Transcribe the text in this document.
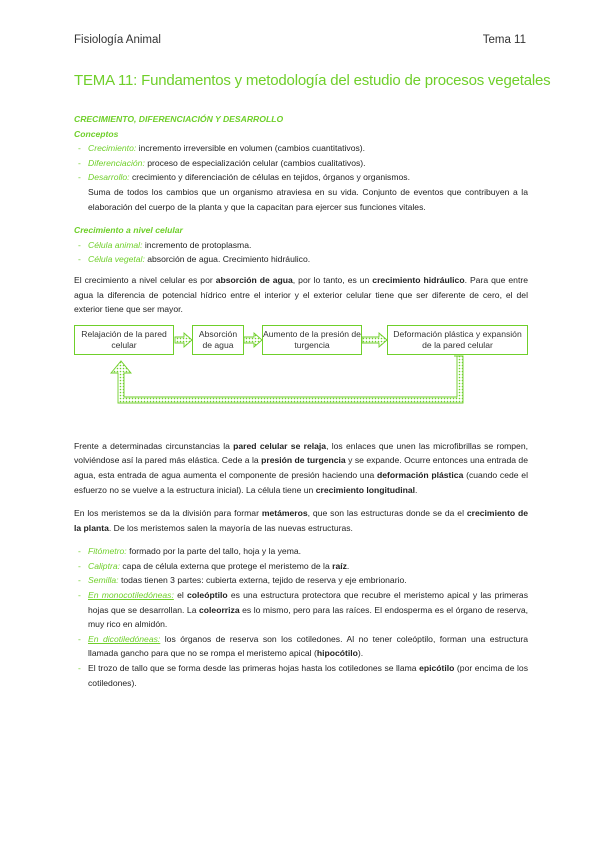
Fisiología Animal	Tema 11
TEMA 11: Fundamentos y metodología del estudio de procesos vegetales
CRECIMIENTO, DIFERENCIACIÓN Y DESARROLLO
Conceptos
- Crecimiento: incremento irreversible en volumen (cambios cuantitativos).
- Diferenciación: proceso de especialización celular (cambios cualitativos).
- Desarrollo: crecimiento y diferenciación de células en tejidos, órganos y organismos.

Suma de todos los cambios que un organismo atraviesa en su vida. Conjunto de eventos que contribuyen a la elaboración del cuerpo de la planta y que la capacitan para ejercer sus funciones vitales.

Crecimiento a nivel celular
- Célula animal: incremento de protoplasma.
- Célula vegetal: absorción de agua. Crecimiento hidráulico.

El crecimiento a nivel celular es por absorción de agua, por lo tanto, es un crecimiento hidráulico. Para que entre agua la diferencia de potencial hídrico entre el interior y el exterior celular tiene que ser diferente de cero, el del exterior tiene que ser mayor.

Relajación de la pared celular
Absorción de agua
Aumento de la presión de turgencia
Deformación plástica y expansión de la pared celular

Frente a determinadas circunstancias la pared celular se relaja, los enlaces que unen las microfibrillas se rompen, volviéndose así la pared más elástica. Cede a la presión de turgencia y se expande. Ocurre entonces una entrada de agua, esta entrada de agua aumenta el componente de presión haciendo una deformación plástica (cuando cede el esfuerzo no se vuelve a la estructura inicial). La célula tiene un crecimiento longitudinal.

En los meristemos se da la división para formar metámeros, que son las estructuras donde se da el crecimiento de la planta. De los meristemos salen la mayoría de las nuevas estructuras.

- Fitómetro: formado por la parte del tallo, hoja y la yema.
- Caliptra: capa de célula externa que protege el meristemo de la raíz.
- Semilla: todas tienen 3 partes: cubierta externa, tejido de reserva y eje embrionario.
- En monocotiledóneas: el coleóptilo es una estructura protectora que recubre el meristemo apical y las primeras hojas que se desarrollan. La coleorriza es lo mismo, pero para las raíces. El endosperma es el órgano de reserva, muy rico en almidón.
- En dicotiledóneas: los órganos de reserva son los cotiledones. Al no tener coleóptilo, forman una estructura llamada gancho para que no se rompa el meristemo apical (hipocótilo).
- El trozo de tallo que se forma desde las primeras hojas hasta los cotiledones se llama epicótilo (por encima de los cotiledones).
